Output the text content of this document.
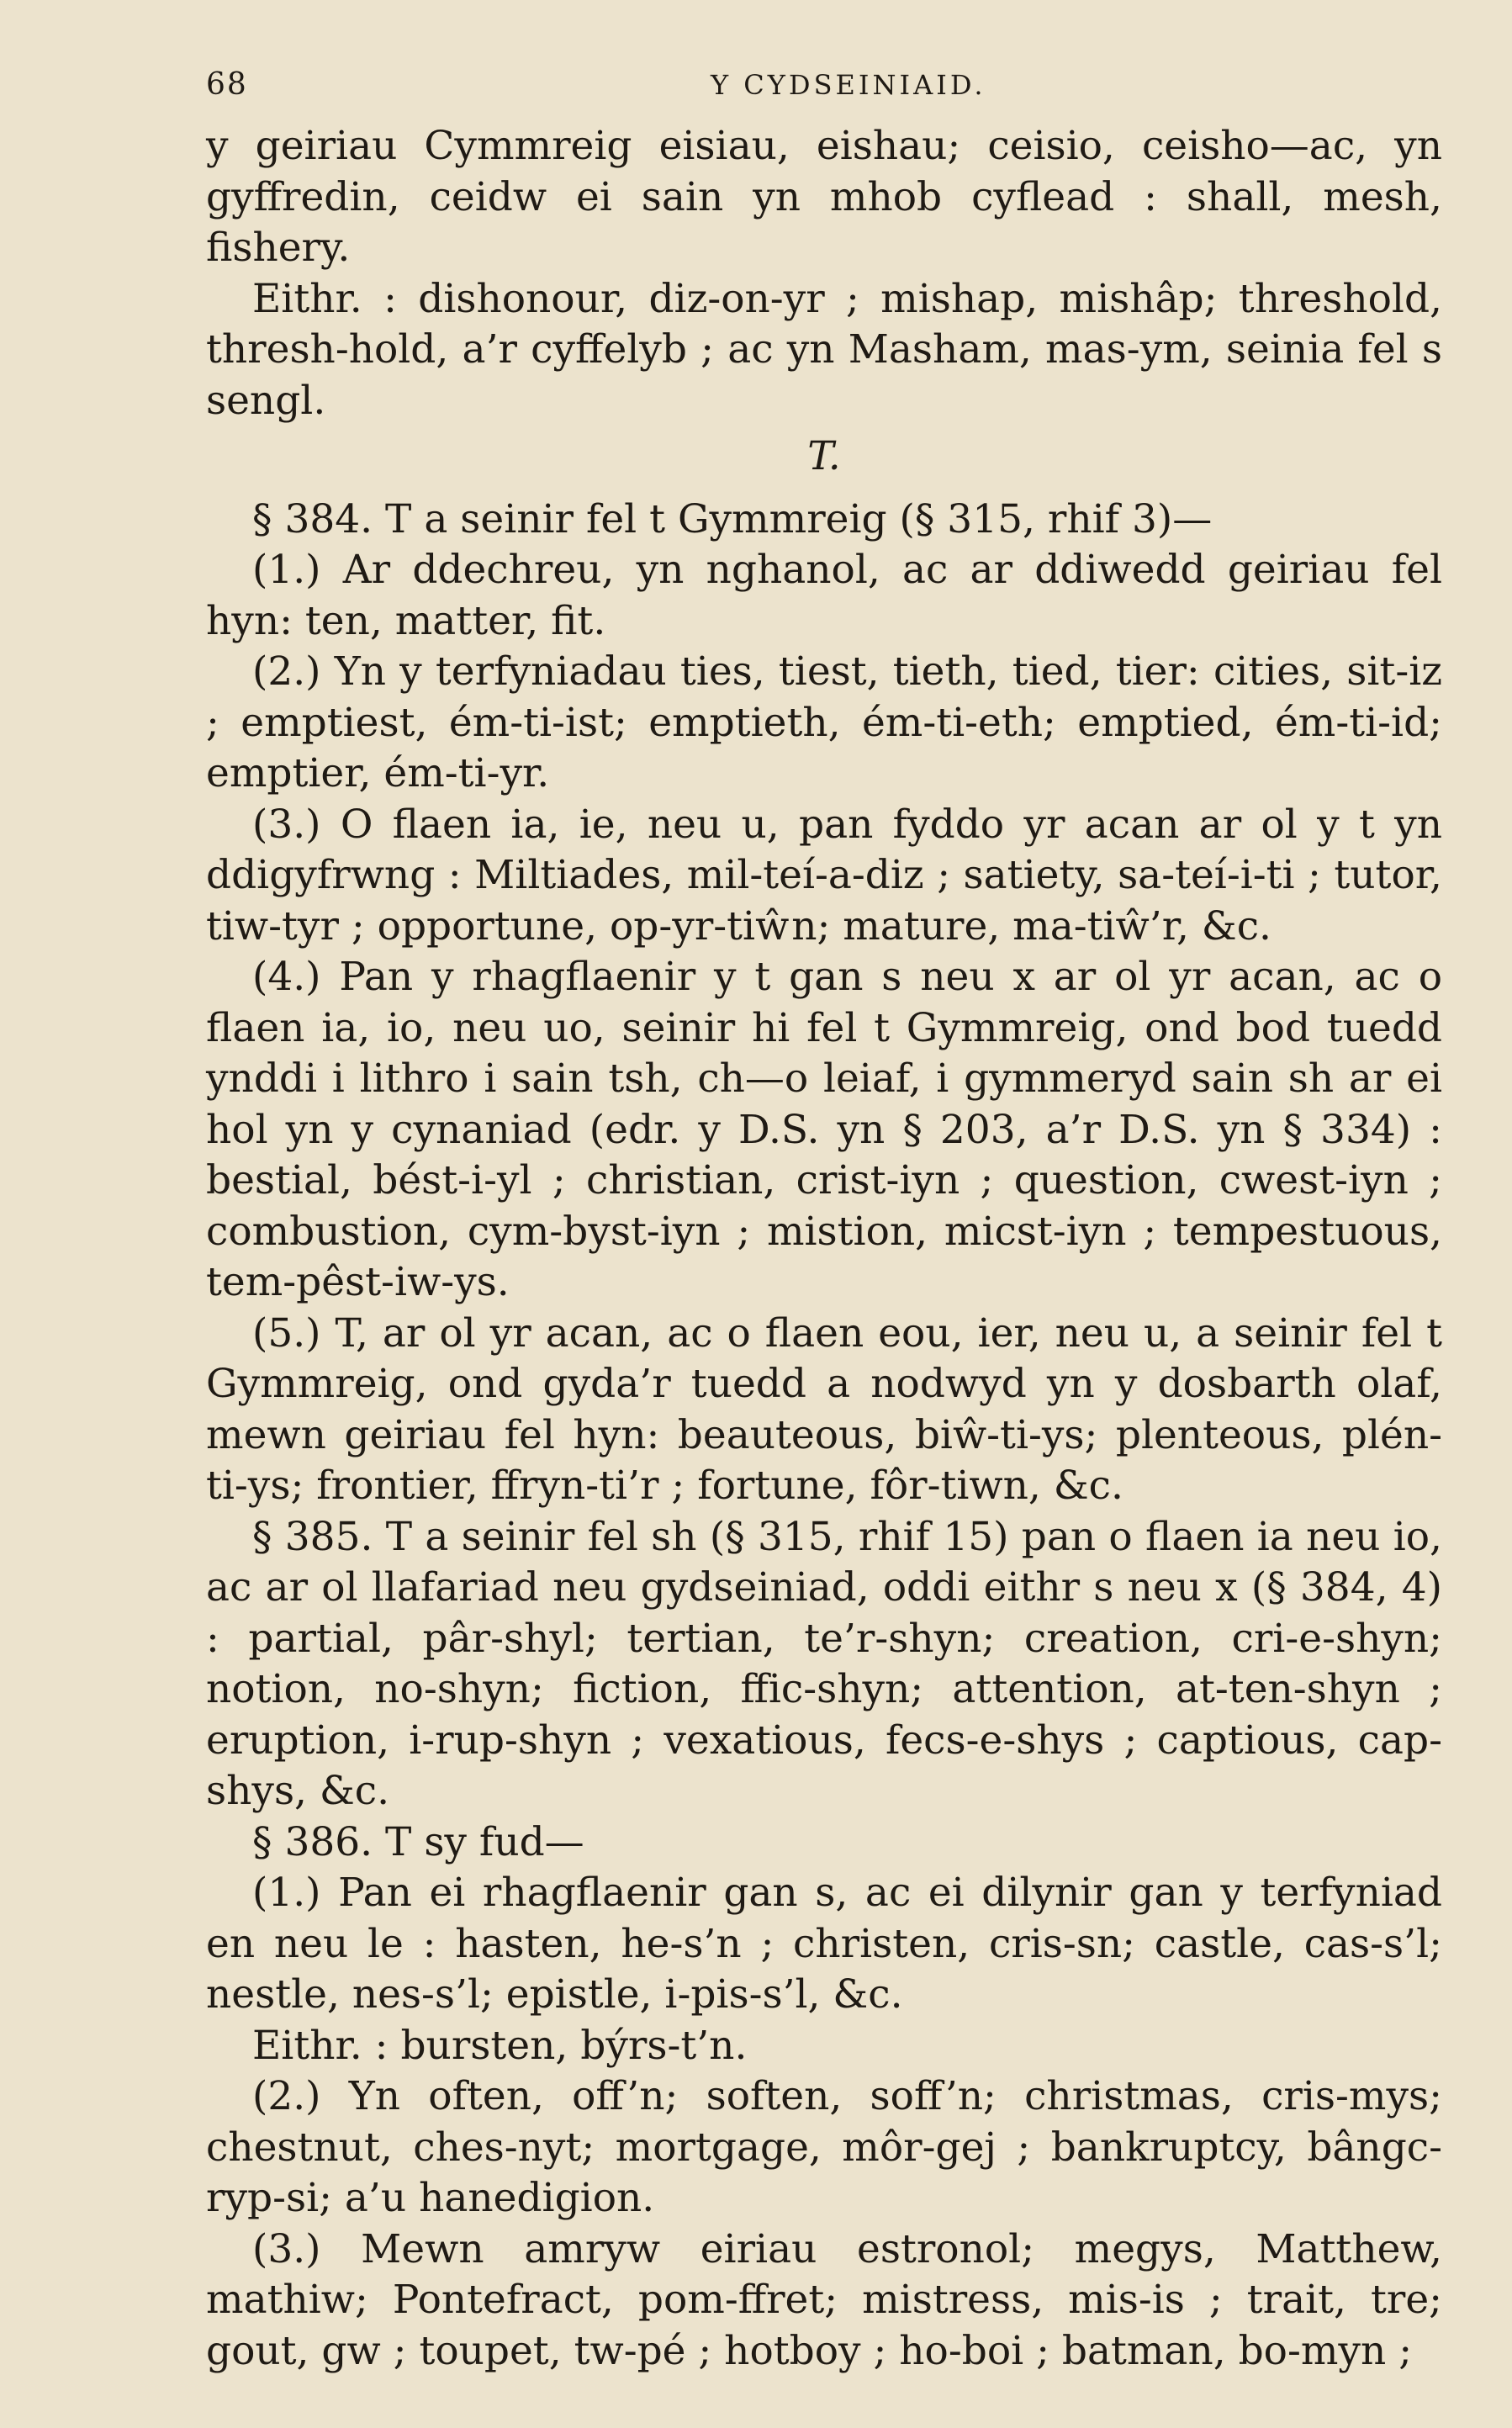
68	Y CYDSEINIAID.

y geiriau Cymmreig eisiau, eishau; ceisio, ceisho—ac, yn gyffredin, ceidw ei sain yn mhob cyflead : shall, mesh, fishery.

Eithr. : dishonour, diz-on-yr ; mishap, mishâp; threshold, thresh-hold, a’r cyffelyb ; ac yn Masham, mas-ym, seinia fel s sengl.

T.

§ 384. T a seinir fel t Gymmreig (§ 315, rhif 3)—

(1.) Ar ddechreu, yn nghanol, ac ar ddiwedd geiriau fel hyn: ten, matter, fit.

(2.) Yn y terfyniadau ties, tiest, tieth, tied, tier: cities, sit-iz ; emptiest, ém-ti-ist; emptieth, ém-ti-eth; emptied, ém-ti-id; emptier, ém-ti-yr.

(3.) O flaen ia, ie, neu u, pan fyddo yr acan ar ol y t yn ddigyfrwng : Miltiades, mil-teí-a-diz ; satiety, sa-teí-i-ti ; tutor, tiw-tyr ; opportune, op-yr-tiŵn; mature, ma-tiŵ’r, &c.

(4.) Pan y rhagflaenir y t gan s neu x ar ol yr acan, ac o flaen ia, io, neu uo, seinir hi fel t Gymmreig, ond bod tuedd ynddi i lithro i sain tsh, ch—o leiaf, i gymmeryd sain sh ar ei hol yn y cynaniad (edr. y D.S. yn § 203, a’r D.S. yn § 334) : bestial, bést-i-yl ; christian, crist-iyn ; question, cwest-iyn ; combustion, cym-byst-iyn ; mistion, micst-iyn ; tempestuous, tem-pêst-iw-ys.

(5.) T, ar ol yr acan, ac o flaen eou, ier, neu u, a seinir fel t Gymmreig, ond gyda’r tuedd a nodwyd yn y dosbarth olaf, mewn geiriau fel hyn: beauteous, biŵ-ti-ys; plenteous, plén-ti-ys; frontier, ffryn-ti’r ; fortune, fôr-tiwn, &c.

§ 385. T a seinir fel sh (§ 315, rhif 15) pan o flaen ia neu io, ac ar ol llafariad neu gydseiniad, oddi eithr s neu x (§ 384, 4) : partial, pâr-shyl; tertian, te’r-shyn; creation, cri-e-shyn; notion, no-shyn; fiction, ffic-shyn; attention, at-ten-shyn ; eruption, i-rup-shyn ; vexatious, fecs-e-shys ; captious, cap-shys, &c.

§ 386. T sy fud—

(1.) Pan ei rhagflaenir gan s, ac ei dilynir gan y terfyniad en neu le : hasten, he-s’n ; christen, cris-sn; castle, cas-s’l; nestle, nes-s’l; epistle, i-pis-s’l, &c.

Eithr. : bursten, býrs-t’n.

(2.) Yn often, off’n; soften, soff’n; christmas, cris-mys; chestnut, ches-nyt; mortgage, môr-gej ; bankruptcy, bângc-ryp-si; a’u hanedigion.

(3.) Mewn amryw eiriau estronol; megys, Matthew, mathiw; Pontefract, pom-ffret; mistress, mis-is ; trait, tre; gout, gw ; toupet, tw-pé ; hotboy ; ho-boi ; batman, bo-myn ;
